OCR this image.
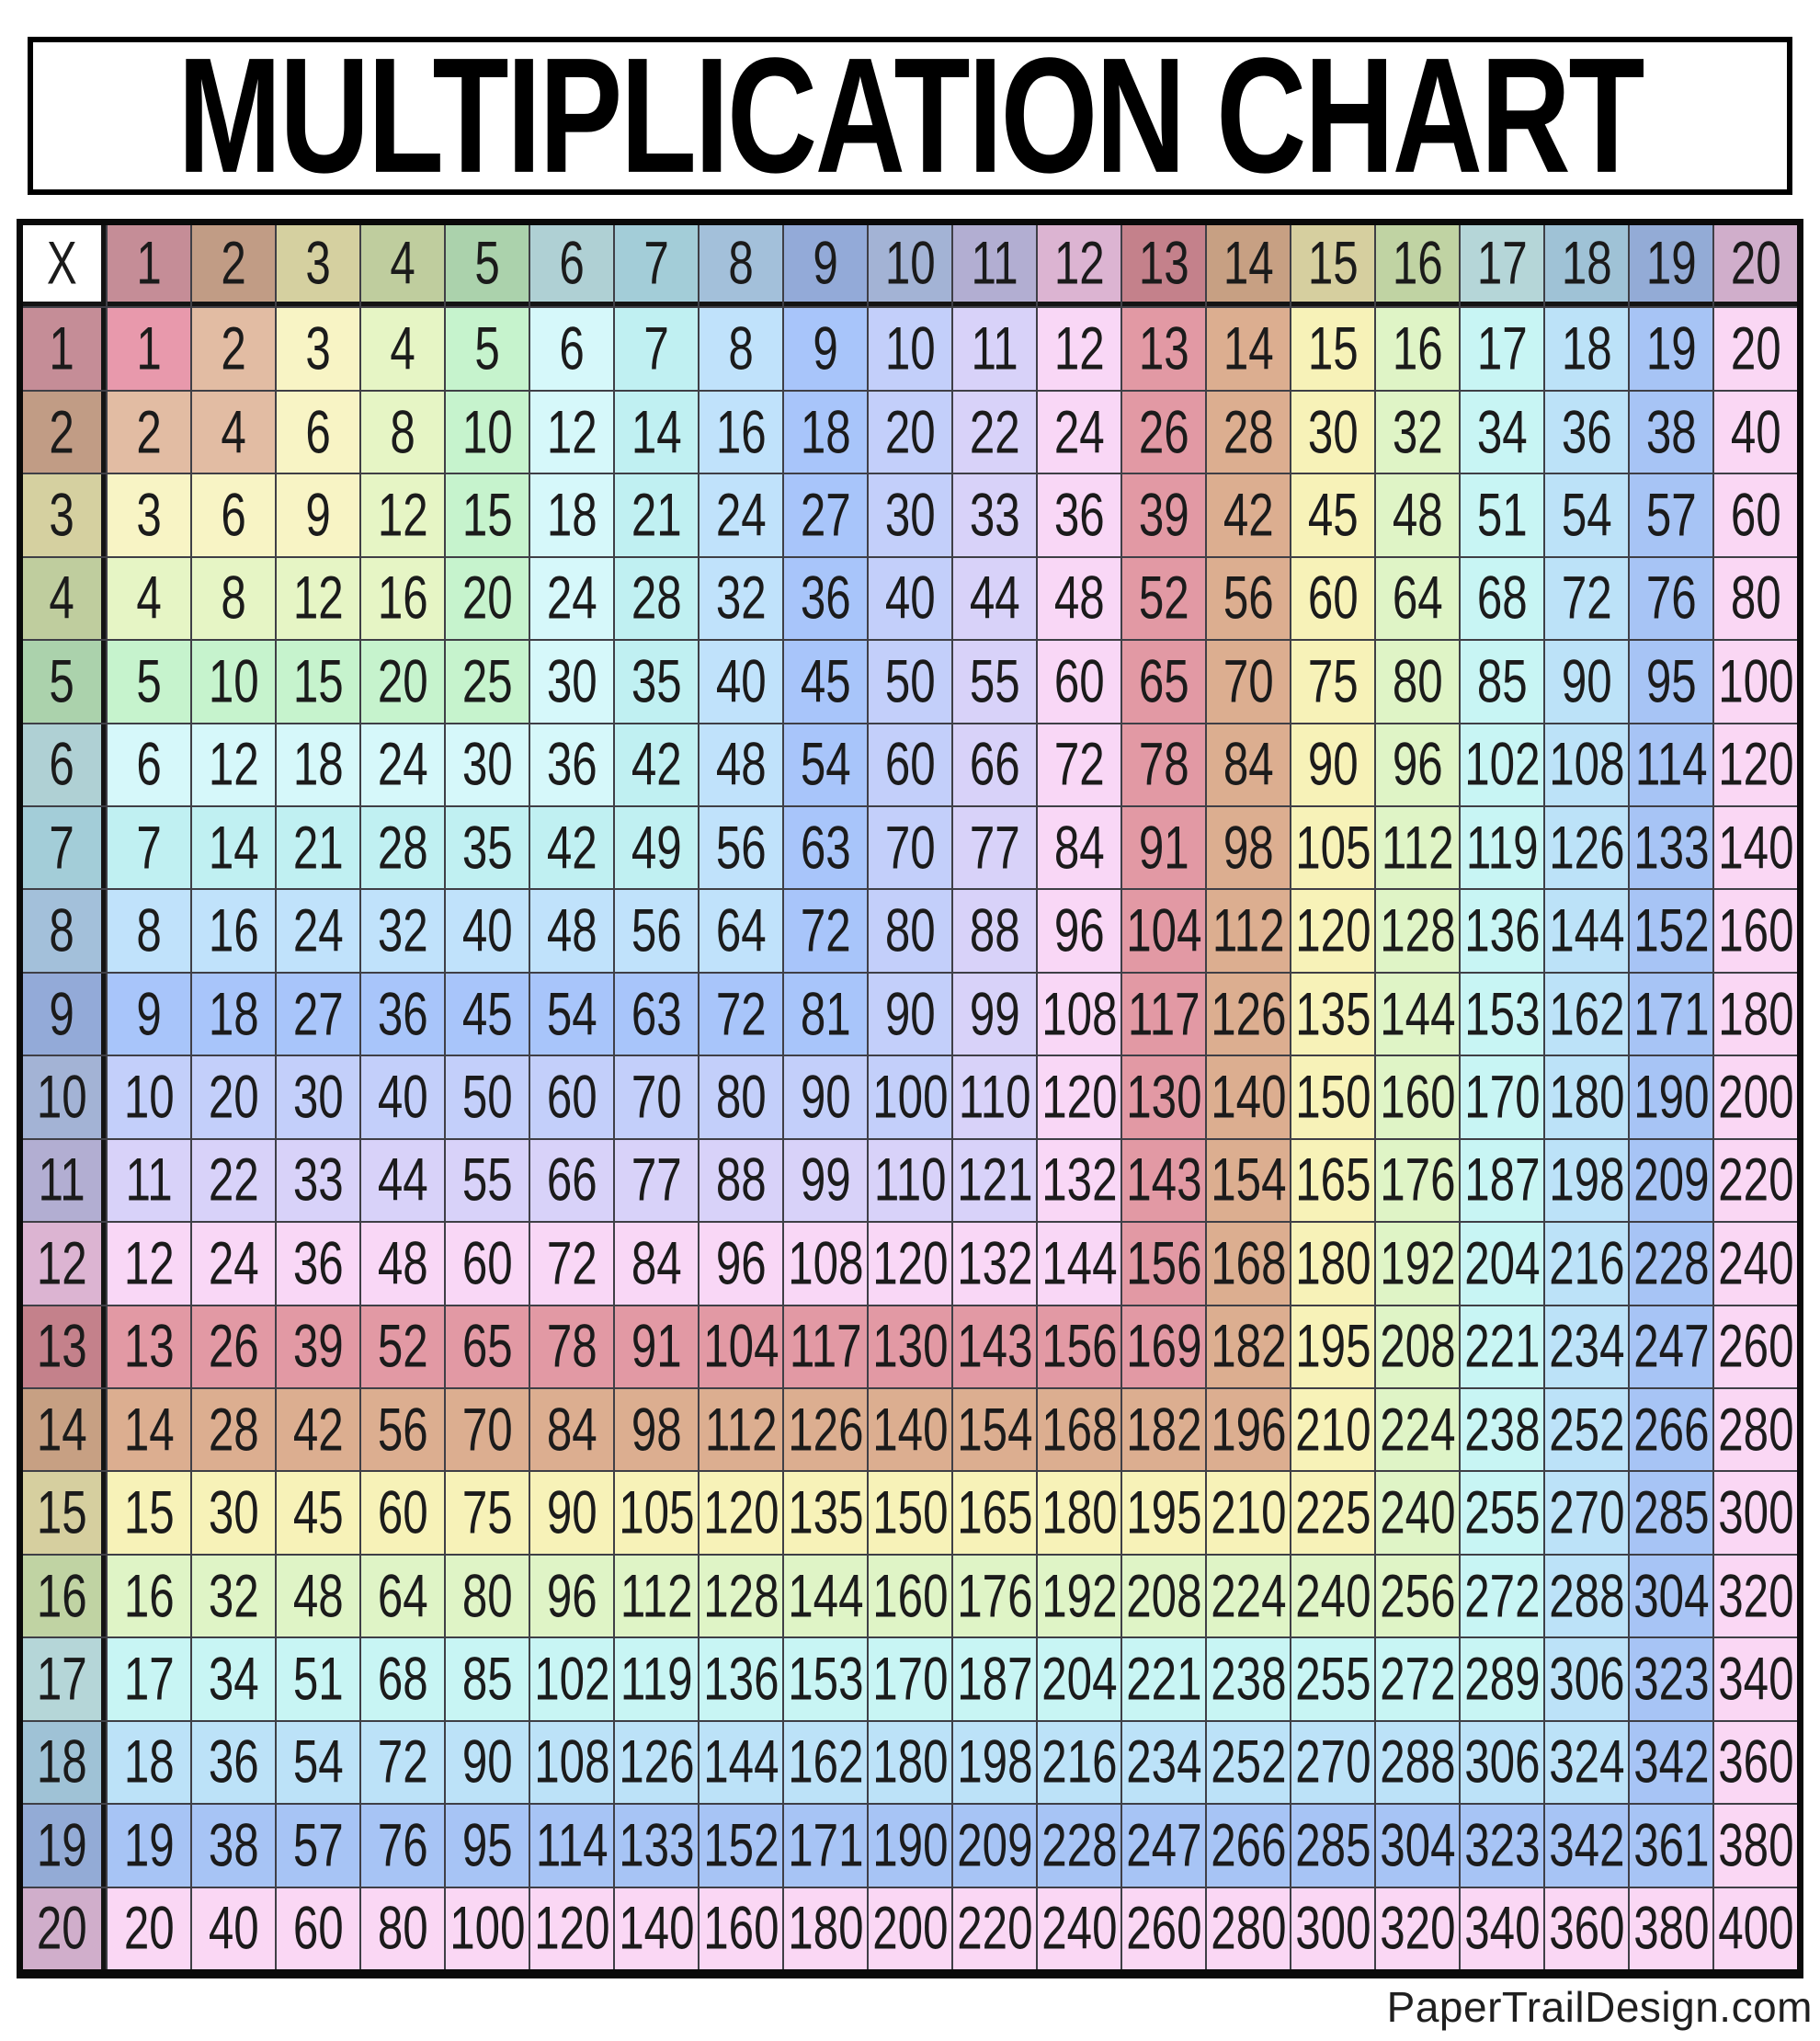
MULTIPLICATION CHART
X 1 2 3 4 5 6 7 8 9 10 11 12 13 14 15 16 17 18 19 20
1 1 2 3 4 5 6 7 8 9 10 11 12 13 14 15 16 17 18 19 20
2 2 4 6 8 10 12 14 16 18 20 22 24 26 28 30 32 34 36 38 40
3 3 6 9 12 15 18 21 24 27 30 33 36 39 42 45 48 51 54 57 60
4 4 8 12 16 20 24 28 32 36 40 44 48 52 56 60 64 68 72 76 80
5 5 10 15 20 25 30 35 40 45 50 55 60 65 70 75 80 85 90 95 100
6 6 12 18 24 30 36 42 48 54 60 66 72 78 84 90 96 102 108 114 120
7 7 14 21 28 35 42 49 56 63 70 77 84 91 98 105 112 119 126 133 140
8 8 16 24 32 40 48 56 64 72 80 88 96 104 112 120 128 136 144 152 160
9 9 18 27 36 45 54 63 72 81 90 99 108 117 126 135 144 153 162 171 180
10 10 20 30 40 50 60 70 80 90 100 110 120 130 140 150 160 170 180 190 200
11 11 22 33 44 55 66 77 88 99 110 121 132 143 154 165 176 187 198 209 220
12 12 24 36 48 60 72 84 96 108 120 132 144 156 168 180 192 204 216 228 240
13 13 26 39 52 65 78 91 104 117 130 143 156 169 182 195 208 221 234 247 260
14 14 28 42 56 70 84 98 112 126 140 154 168 182 196 210 224 238 252 266 280
15 15 30 45 60 75 90 105 120 135 150 165 180 195 210 225 240 255 270 285 300
16 16 32 48 64 80 96 112 128 144 160 176 192 208 224 240 256 272 288 304 320
17 17 34 51 68 85 102 119 136 153 170 187 204 221 238 255 272 289 306 323 340
18 18 36 54 72 90 108 126 144 162 180 198 216 234 252 270 288 306 324 342 360
19 19 38 57 76 95 114 133 152 171 190 209 228 247 266 285 304 323 342 361 380
20 20 40 60 80 100 120 140 160 180 200 220 240 260 280 300 320 340 360 380 400
PaperTrailDesign.com
